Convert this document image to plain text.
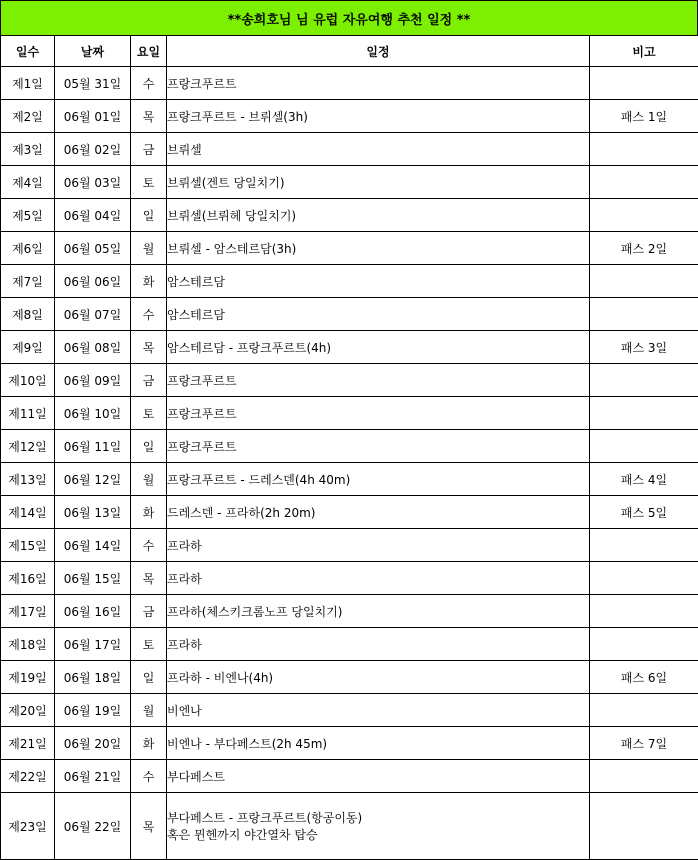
**송희호님 님 유럽 자유여행 추천 일정 **
일수	날짜	요일	일정	비고
제1일	05월 31일	수	프랑크푸르트	
제2일	06월 01일	목	프랑크푸르트 - 브뤼셀(3h)	패스 1일
제3일	06월 02일	금	브뤼셀	
제4일	06월 03일	토	브뤼셀(겐트 당일치기)	
제5일	06월 04일	일	브뤼셀(브뤼헤 당일치기)	
제6일	06월 05일	월	브뤼셀 - 암스테르담(3h)	패스 2일
제7일	06월 06일	화	암스테르담	
제8일	06월 07일	수	암스테르담	
제9일	06월 08일	목	암스테르담 - 프랑크푸르트(4h)	패스 3일
제10일	06월 09일	금	프랑크푸르트	
제11일	06월 10일	토	프랑크푸르트	
제12일	06월 11일	일	프랑크푸르트	
제13일	06월 12일	월	프랑크푸르트 - 드레스덴(4h 40m)	패스 4일
제14일	06월 13일	화	드레스덴 - 프라하(2h 20m)	패스 5일
제15일	06월 14일	수	프라하	
제16일	06월 15일	목	프라하	
제17일	06월 16일	금	프라하(체스키크롬노프 당일치기)	
제18일	06월 17일	토	프라하	
제19일	06월 18일	일	프라하 - 비엔나(4h)	패스 6일
제20일	06월 19일	월	비엔나	
제21일	06월 20일	화	비엔나 - 부다페스트(2h 45m)	패스 7일
제22일	06월 21일	수	부다페스트	
제23일	06월 22일	목	부다페스트 - 프랑크푸르트(항공이동)
혹은 뮌헨까지 야간열차 탑승	
